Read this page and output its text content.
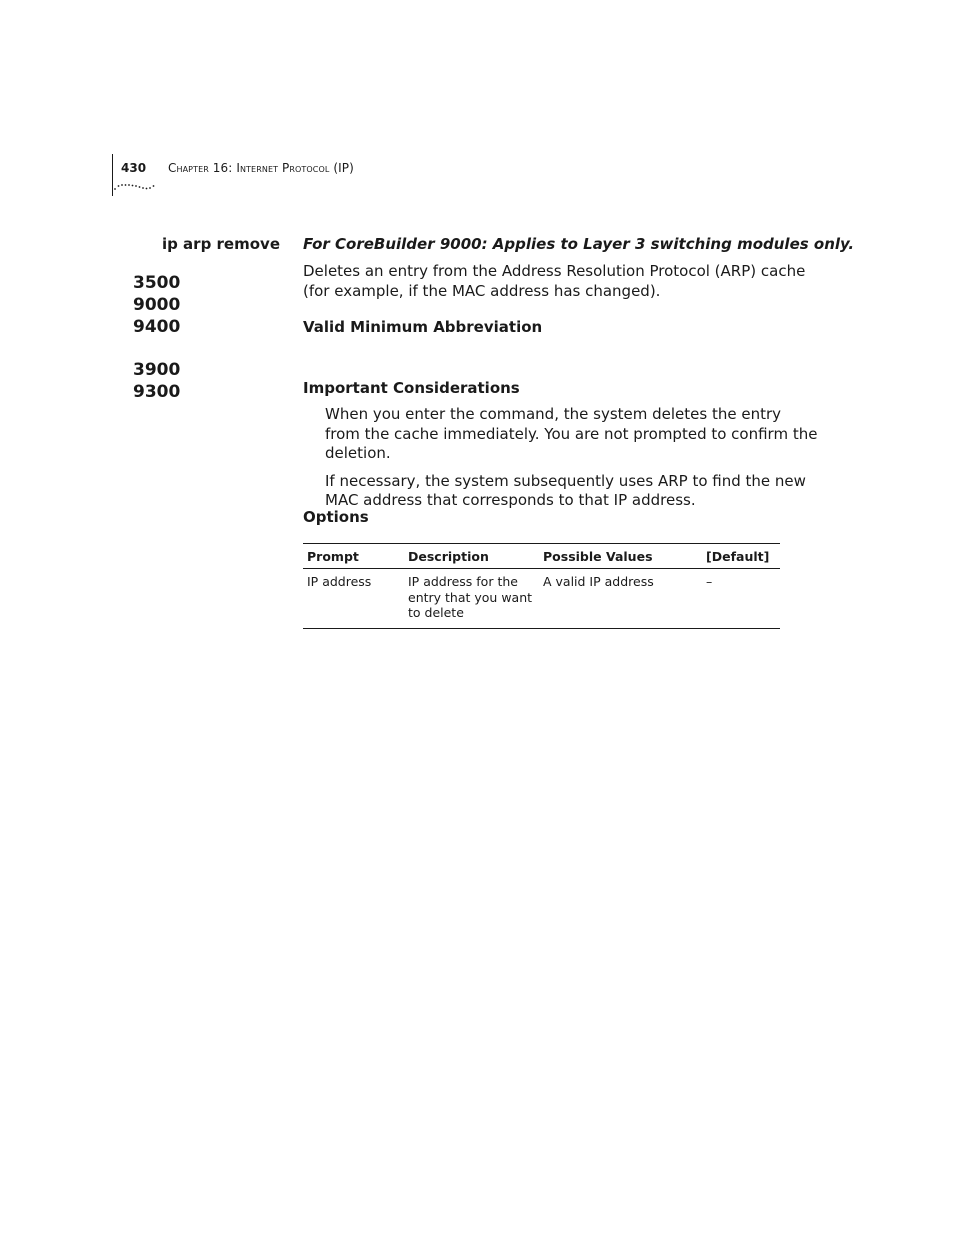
430 Chapter 16: Internet Protocol (IP)
ip arp remove
3500
9000
9400
3900
9300
For CoreBuilder 9000: Applies to Layer 3 switching modules only.
Deletes an entry from the Address Resolution Protocol (ARP) cache (for example, if the MAC address has changed).
Valid Minimum Abbreviation
Important Considerations

When you enter the command, the system deletes the entry from the cache immediately. You are not prompted to confirm the deletion.

If necessary, the system subsequently uses ARP to find the new MAC address that corresponds to that IP address.

Options
Prompt	Description	Possible Values	[Default]
IP address	IP address for the entry that you want to delete	A valid IP address	–
